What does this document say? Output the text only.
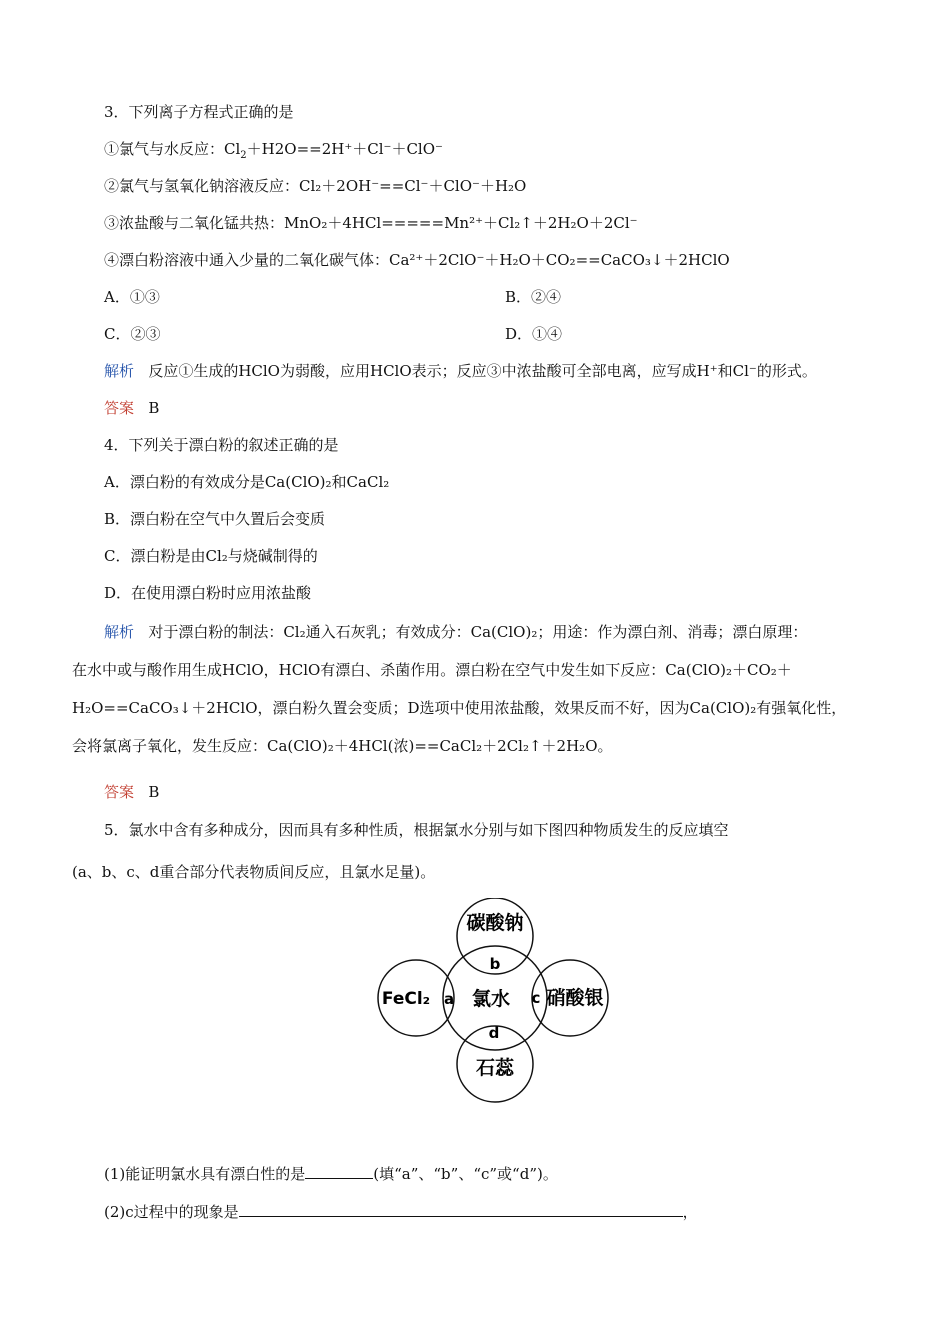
3．下列离子方程式正确的是
①氯气与水反应：$Cl_2+H2O==2H^++Cl^-+ClO^-$
②氯气与氢氧化钠溶液反应：Cl₂＋2OH⁻==Cl⁻＋ClO⁻＋H₂O
③浓盐酸与二氧化锰共热：MnO₂＋4HCl=====Mn²⁺＋Cl₂↑＋2H₂O＋2Cl⁻
④漂白粉溶液中通入少量的二氧化碳气体：Ca²⁺＋2ClO⁻＋H₂O＋CO₂==CaCO₃↓＋2HClO
A．①③	B．②④
C．②③	D．①④
解析 反应①生成的HClO为弱酸，应用HClO表示；反应③中浓盐酸可全部电离，应写成H⁺和Cl⁻的形式。
答案 B
4．下列关于漂白粉的叙述正确的是
A．漂白粉的有效成分是Ca(ClO)₂和CaCl₂
B．漂白粉在空气中久置后会变质
C．漂白粉是由Cl₂与烧碱制得的
D．在使用漂白粉时应用浓盐酸
解析 对于漂白粉的制法：Cl₂通入石灰乳；有效成分：Ca(ClO)₂；用途：作为漂白剂、消毒；漂白原理：
在水中或与酸作用生成HClO，HClO有漂白、杀菌作用。漂白粉在空气中发生如下反应：Ca(ClO)₂＋CO₂＋
H₂O==CaCO₃↓＋2HClO，漂白粉久置会变质；D选项中使用浓盐酸，效果反而不好，因为Ca(ClO)₂有强氧化性，
会将氯离子氧化，发生反应：Ca(ClO)₂＋4HCl(浓)==CaCl₂＋2Cl₂↑＋2H₂O。
答案 B
5．氯水中含有多种成分，因而具有多种性质，根据氯水分别与如下图四种物质发生的反应填空
(a、b、c、d重合部分代表物质间反应，且氯水足量)。
碳酸钠
b
FeCl₂ a 氯水 c 硝酸银
d
石蕊
(1)能证明氯水具有漂白性的是	(填“a”、“b”、“c”或“d”)。
(2)c过程中的现象是	，
